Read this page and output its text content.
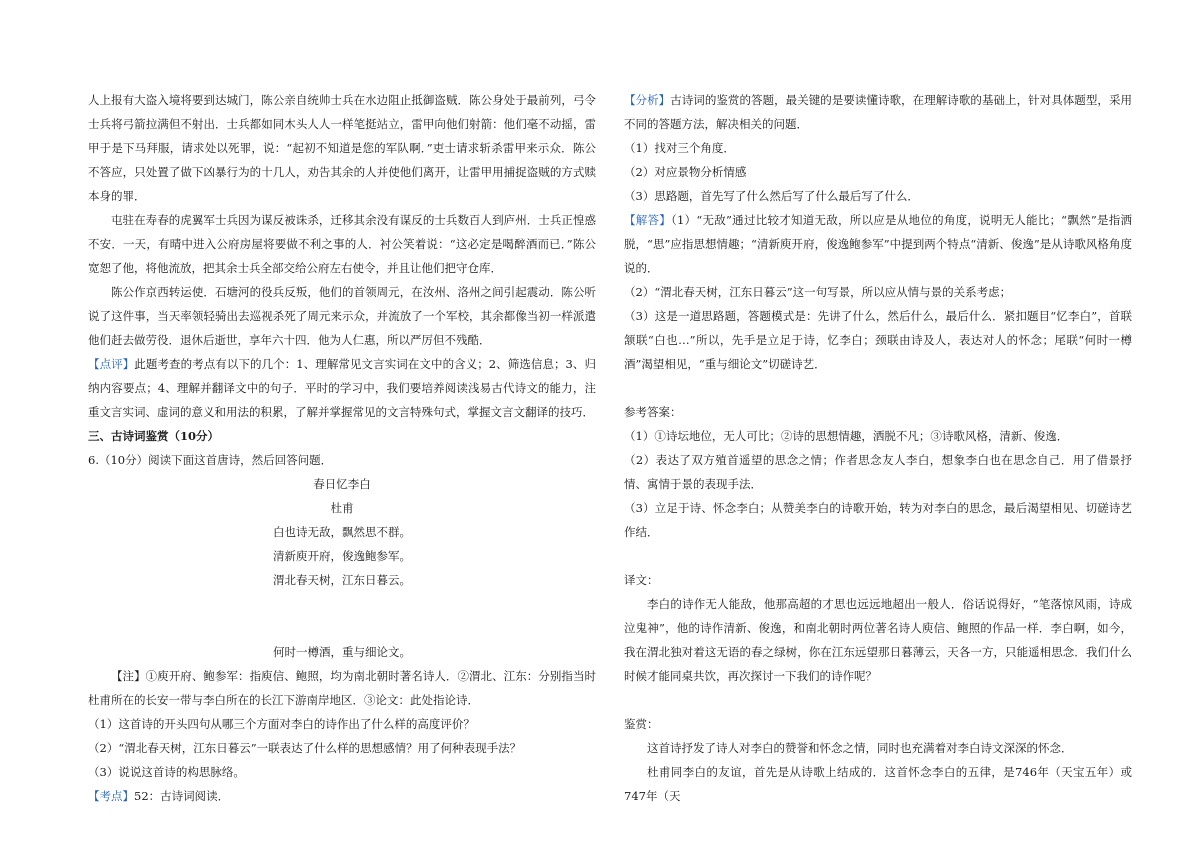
人上报有大盗入境将要到达城门，陈公亲自统帅士兵在水边阻止抵御盗贼．陈公身处于最前列，弓令士兵将弓箭拉满但不射出．士兵都如同木头人人一样笔挺站立，雷甲向他们射箭：他们毫不动摇，雷甲于是下马拜服，请求处以死罪，说：“起初不知道是您的军队啊．”吏士请求斩杀雷甲来示众．陈公不答应，只处置了做下凶暴行为的十几人，劝告其余的人并使他们离开，让雷甲用捕捉盗贼的方式赎本身的罪．

屯驻在寿春的虎翼军士兵因为谋反被诛杀，迁移其余没有谋反的士兵数百人到庐州．士兵正惶惑不安．一天，有晴中进入公府房屋将要做不利之事的人．衬公笑着说：“这必定是喝醉酒而已．”陈公宽恕了他，将他流放，把其余士兵全部交给公府左右使令，并且让他们把守仓库．

陈公作京西转运使．石塘河的役兵反叛，他们的首领周元，在汝州、洛州之间引起震动．陈公听说了这件事，当天率领轻骑出去巡视杀死了周元来示众，并流放了一个军校，其余都像当初一样派遣他们赶去做劳役．退休后逝世，享年六十四．他为人仁惠，所以严厉但不残酷．

【点评】此题考查的考点有以下的几个：1、理解常见文言实词在文中的含义；2、筛选信息；3、归纳内容要点；4、理解并翻译文中的句子．平时的学习中，我们要培养阅读浅易古代诗文的能力，注重文言实词、虚词的意义和用法的积累，了解并掌握常见的文言特殊句式，掌握文言文翻译的技巧．

三、古诗词鉴赏（10分）

6.（10分）阅读下面这首唐诗，然后回答问题．

春日忆李白

杜甫

白也诗无敌，飘然思不群。

清新庾开府，俊逸鲍参军。

渭北春天树，江东日暮云。

何时一樽酒，重与细论文。

【注】①庾开府、鲍参军：指庾信、鲍照，均为南北朝时著名诗人．②渭北、江东：分别指当时杜甫所在的长安一带与李白所在的长江下游南岸地区．③论文：此处指论诗．

（1）这首诗的开头四句从哪三个方面对李白的诗作出了什么样的高度评价？

（2）“渭北春天树，江东日暮云”一联表达了什么样的思想感情？用了何种表现手法？

（3）说说这首诗的构思脉络。

【考点】52：古诗词阅读．

【分析】古诗词的鉴赏的答题，最关键的是要读懂诗歌，在理解诗歌的基础上，针对具体题型，采用不同的答题方法，解决相关的问题．

（1）找对三个角度．

（2）对应景物分析情感

（3）思路题，首先写了什么然后写了什么最后写了什么．

【解答】（1）“无敌”通过比较才知道无敌，所以应是从地位的角度，说明无人能比；“飘然”是指洒脱，“思”应指思想情趣；“清新庾开府，俊逸鲍参军”中提到两个特点“清新、俊逸”是从诗歌风格角度说的．

（2）“渭北春天树，江东日暮云”这一句写景，所以应从情与景的关系考虑；

（3）这是一道思路题，答题模式是：先讲了什么，然后什么，最后什么．紧扣题目“忆李白”，首联颔联“白也…”所以，先手是立足于诗，忆李白；颈联由诗及人，表达对人的怀念；尾联“何时一樽酒”渴望相见，“重与细论文”切磋诗艺．

参考答案：

（1）①诗坛地位，无人可比；②诗的思想情趣，洒脱不凡；③诗歌风格，清新、俊逸．

（2）表达了双方殖首遥望的思念之情；作者思念友人李白，想象李白也在思念自己．用了借景抒情、寓情于景的表现手法．

（3）立足于诗、怀念李白；从赞美李白的诗歌开始，转为对李白的思念，最后渴望相见、切磋诗艺作结．

译文：

李白的诗作无人能敌，他那高超的才思也远远地超出一般人．俗话说得好，“笔落惊风雨，诗成泣鬼神”，他的诗作清新、俊逸，和南北朝时两位著名诗人庾信、鲍照的作品一样．李白啊，如今，我在渭北独对着这无语的春之绿树，你在江东远望那日暮薄云，天各一方，只能遥相思念．我们什么时候才能同桌共饮，再次探讨一下我们的诗作呢？

鉴赏：

这首诗抒发了诗人对李白的赞誉和怀念之情，同时也充满着对李白诗文深深的怀念．

杜甫同李白的友谊，首先是从诗歌上结成的．这首怀念李白的五律，是746年（天宝五年）或747年（天
